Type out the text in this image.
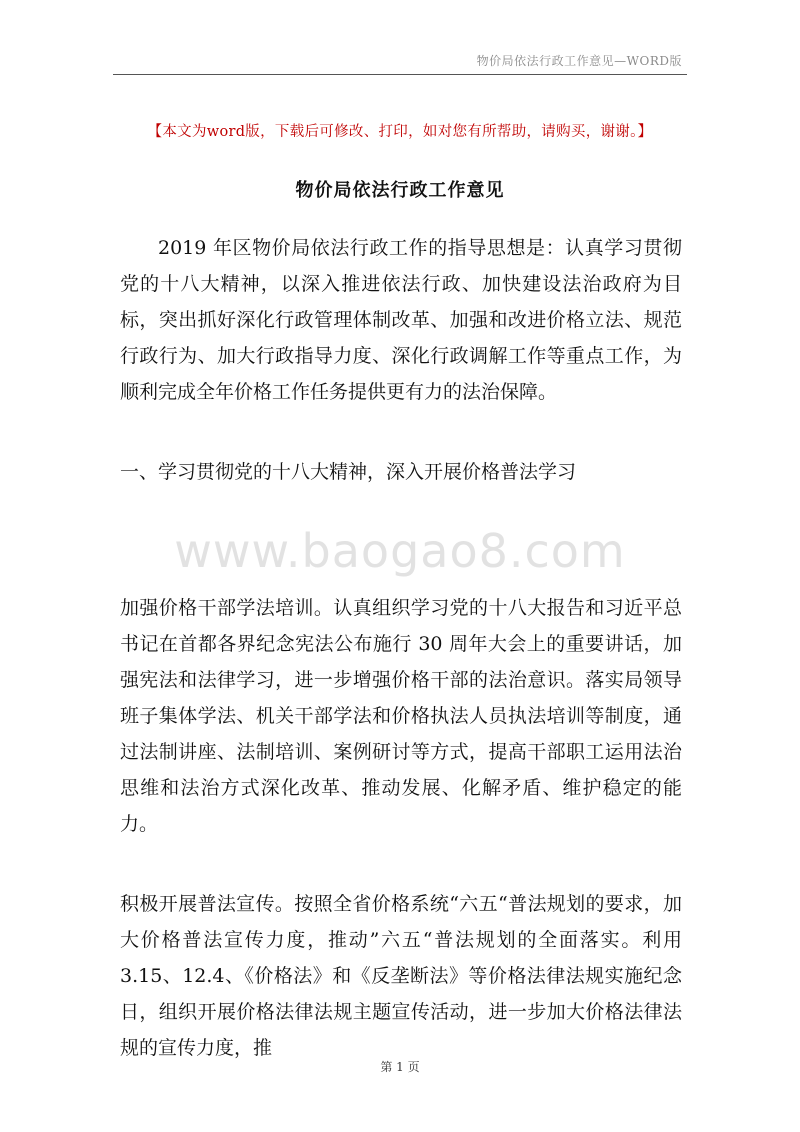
物价局依法行政工作意见—WORD版
【本文为word版，下载后可修改、打印，如对您有所帮助，请购买，谢谢。】
物价局依法行政工作意见
www.baogao8.com

2019 年区物价局依法行政工作的指导思想是：认真学习贯彻党的十八大精神，以深入推进依法行政、加快建设法治政府为目标，突出抓好深化行政管理体制改革、加强和改进价格立法、规范行政行为、加大行政指导力度、深化行政调解工作等重点工作，为顺利完成全年价格工作任务提供更有力的法治保障。

一、学习贯彻党的十八大精神，深入开展价格普法学习

加强价格干部学法培训。认真组织学习党的十八大报告和习近平总书记在首都各界纪念宪法公布施行 30 周年大会上的重要讲话，加强宪法和法律学习，进一步增强价格干部的法治意识。落实局领导班子集体学法、机关干部学法和价格执法人员执法培训等制度，通过法制讲座、法制培训、案例研讨等方式，提高干部职工运用法治思维和法治方式深化改革、推动发展、化解矛盾、维护稳定的能力。

积极开展普法宣传。按照全省价格系统“六五“普法规划的要求，加大价格普法宣传力度，推动”六五“普法规划的全面落实。利用 3.15、12.4、《价格法》和《反垄断法》等价格法律法规实施纪念日，组织开展价格法律法规主题宣传活动，进一步加大价格法律法规的宣传力度，推

第 1 页
